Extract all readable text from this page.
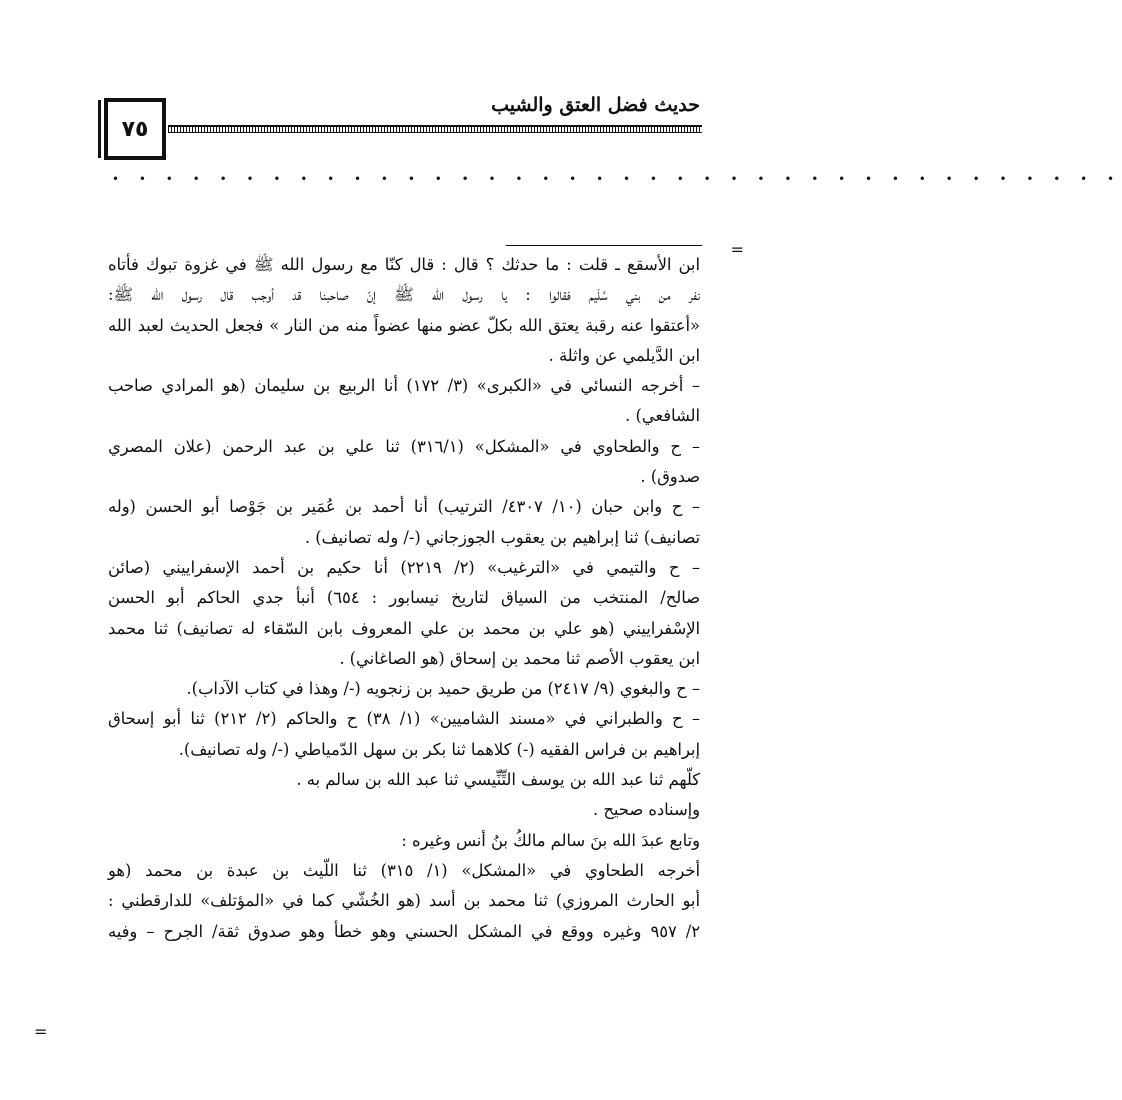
٧٥
حديث فضل العتق والشيب
• • • • • • • • • • • • • • • • • • • • • • • • • • • • • • • • • • • • • •
=
=
ابن الأسقع ـ قلت : ما حدثك ؟ قال : قال كنّا مع رسول الله ﷺ في غزوة تبوك فأتاه
نفر من بني سُلَيم فقالوا : يا رسول الله ﷺ إنّ صاحبنا قد أوجب قال رسول الله ﷺ:
«أعتقوا عنه رقبة يعتق الله بكلّ عضو منها عضواً منه من النار » فجعل الحديث لعبد الله
ابن الدَّيلمي عن واثلة .
– أخرجه النسائي في «الكبرى» (٣/ ١٧٢) أنا الربيع بن سليمان (هو المرادي صاحب
الشافعي) .
– ح والطحاوي في «المشكل» (٣١٦/١) ثنا علي بن عبد الرحمن (علان المصري
صدوق) .
– ح وابن حبان (١٠/ ٤٣٠٧/ الترتيب) أنا أحمد بن عُمَير بن جَوْصا أبو الحسن (وله
تصانيف) ثنا إبراهيم بن يعقوب الجوزجاني (-/ وله تصانيف) .
– ح والتيمي في «الترغيب» (٢/ ٢٢١٩) أنا حكيم بن أحمد الإسفراييني (صائن
صالح/ المنتخب من السياق لتاريخ نيسابور : ٦٥٤) أنبأ جدي الحاكم أبو الحسن
الإسْفراييني (هو علي بن محمد بن علي المعروف بابن السّقاء له تصانيف) ثنا محمد
ابن يعقوب الأصم ثنا محمد بن إسحاق (هو الصاغاني) .
– ح والبغوي (٩/ ٢٤١٧) من طريق حميد بن زنجويه (-/ وهذا في كتاب الآداب).
– ح والطبراني في «مسند الشاميين» (١/ ٣٨) ح والحاكم (٢/ ٢١٢) ثنا أبو إسحاق
إبراهيم بن فراس الفقيه (-) كلاهما ثنا بكر بن سهل الدّمياطي (-/ وله تصانيف).
كلّهم ثنا عبد الله بن يوسف التِّنِّيسي ثنا عبد الله بن سالم به .
وإسناده صحيح .
وتابع عبدَ الله بنَ سالم مالكُ بنُ أنس وغيره :
أخرجه الطحاوي في «المشكل» (١/ ٣١٥) ثنا اللّيث بن عبدة بن محمد (هو
أبو الحارث المروزي) ثنا محمد بن أسد (هو الخُشّي كما في «المؤتلف» للدارقطني :
٢/ ٩٥٧ وغيره ووقع في المشكل الحسني وهو خطأ وهو صدوق ثقة/ الجرح – وفيه
